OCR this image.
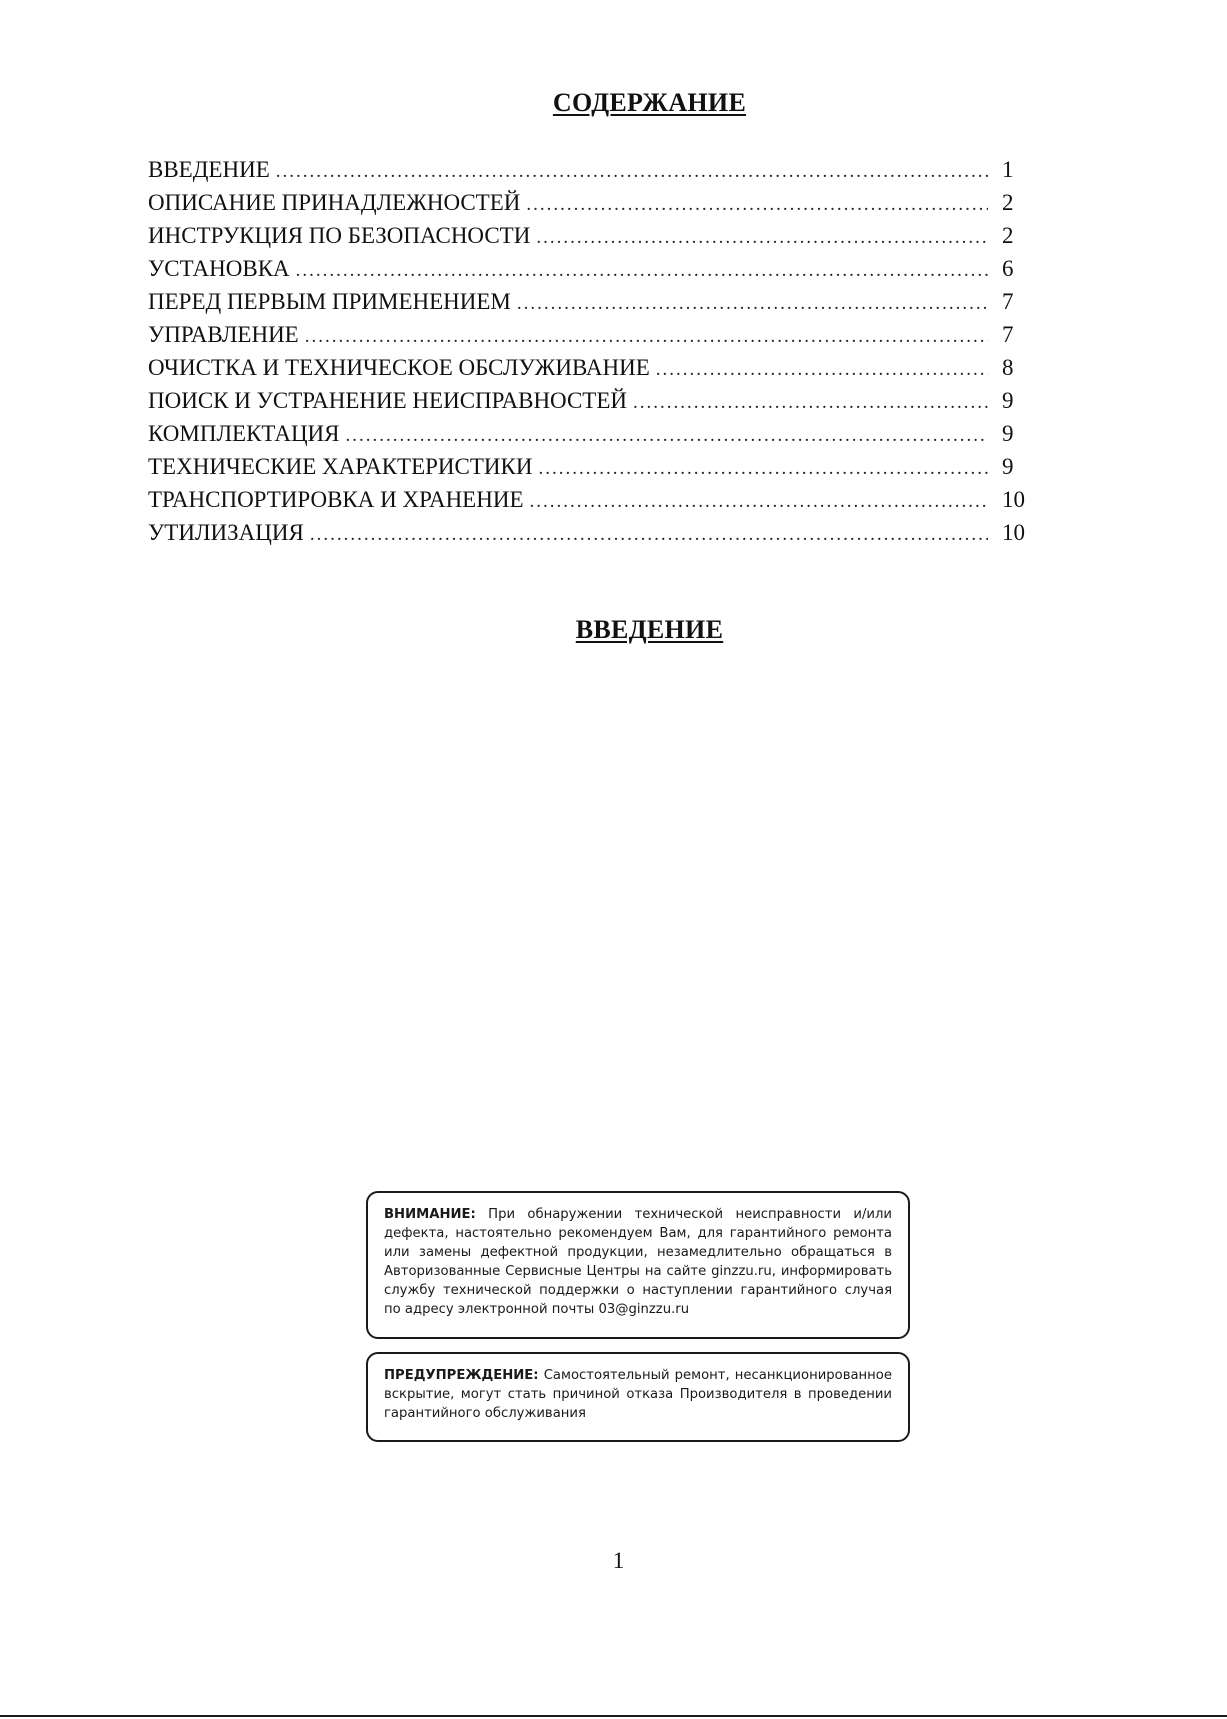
СОДЕРЖАНИЕ
ВВЕДЕНИЕ .....	1
ОПИСАНИЕ ПРИНАДЛЕЖНОСТЕЙ .....	2
ИНСТРУКЦИЯ ПО БЕЗОПАСНОСТИ .....	2
УСТАНОВКА .....	6
ПЕРЕД ПЕРВЫМ ПРИМЕНЕНИЕМ .....	7
УПРАВЛЕНИЕ .....	7
ОЧИСТКА И ТЕХНИЧЕСКОЕ ОБСЛУЖИВАНИЕ .....	8
ПОИСК И УСТРАНЕНИЕ НЕИСПРАВНОСТЕЙ .....	9
КОМПЛЕКТАЦИЯ .....	9
ТЕХНИЧЕСКИЕ ХАРАКТЕРИСТИКИ .....	9
ТРАНСПОРТИРОВКА И ХРАНЕНИЕ .....	10
УТИЛИЗАЦИЯ .....	10
ВВЕДЕНИЕ
ВНИМАНИЕ: При обнаружении технической неисправности и/или дефекта, настоятельно рекомендуем Вам, для гарантийного ремонта или замены дефектной продукции, незамедлительно обращаться в Авторизованные Сервисные Центры на сайте ginzzu.ru, информировать службу технической поддержки о наступлении гарантийного случая по адресу электронной почты 03@ginzzu.ru
ПРЕДУПРЕЖДЕНИЕ: Самостоятельный ремонт, несанкционированное вскрытие, могут стать причиной отказа Производителя в проведении гарантийного обслуживания
1
